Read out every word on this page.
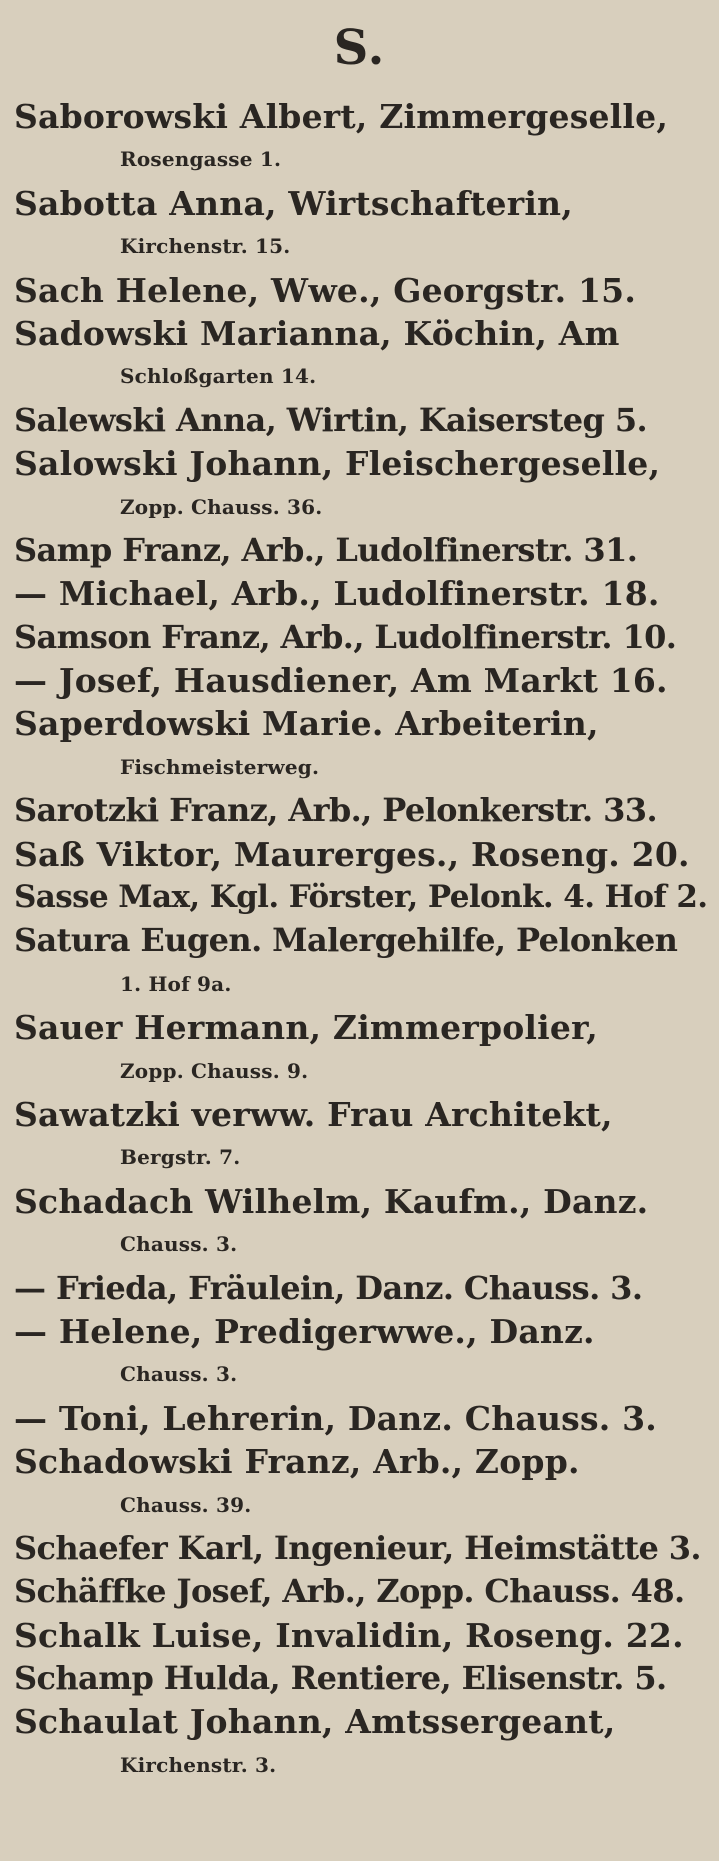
S.
Saborowski Albert, Zimmergeselle,
Rosengasse 1.
Sabotta Anna, Wirtschafterin,
Kirchenstr. 15.
Sach Helene, Wwe., Georgstr. 15.
Sadowski Marianna, Köchin, Am
Schloßgarten 14.
Salewski Anna, Wirtin, Kaisersteg 5.
Salowski Johann, Fleischergeselle,
Zopp. Chauss. 36.
Samp Franz, Arb., Ludolfinerstr. 31.
— Michael, Arb., Ludolfinerstr. 18.
Samson Franz, Arb., Ludolfinerstr. 10.
— Josef, Hausdiener, Am Markt 16.
Saperdowski Marie. Arbeiterin,
Fischmeisterweg.
Sarotzki Franz, Arb., Pelonkerstr. 33.
Saß Viktor, Maurerges., Roseng. 20.
Sasse Max, Kgl. Förster, Pelonk. 4. Hof 2.
Satura Eugen. Malergehilfe, Pelonken
1. Hof 9a.
Sauer Hermann, Zimmerpolier,
Zopp. Chauss. 9.
Sawatzki verww. Frau Architekt,
Bergstr. 7.
Schadach Wilhelm, Kaufm., Danz.
Chauss. 3.
— Frieda, Fräulein, Danz. Chauss. 3.
— Helene, Predigerwwe., Danz.
Chauss. 3.
— Toni, Lehrerin, Danz. Chauss. 3.
Schadowski Franz, Arb., Zopp.
Chauss. 39.
Schaefer Karl, Ingenieur, Heimstätte 3.
Schäffke Josef, Arb., Zopp. Chauss. 48.
Schalk Luise, Invalidin, Roseng. 22.
Schamp Hulda, Rentiere, Elisenstr. 5.
Schaulat Johann, Amtssergeant,
Kirchenstr. 3.
